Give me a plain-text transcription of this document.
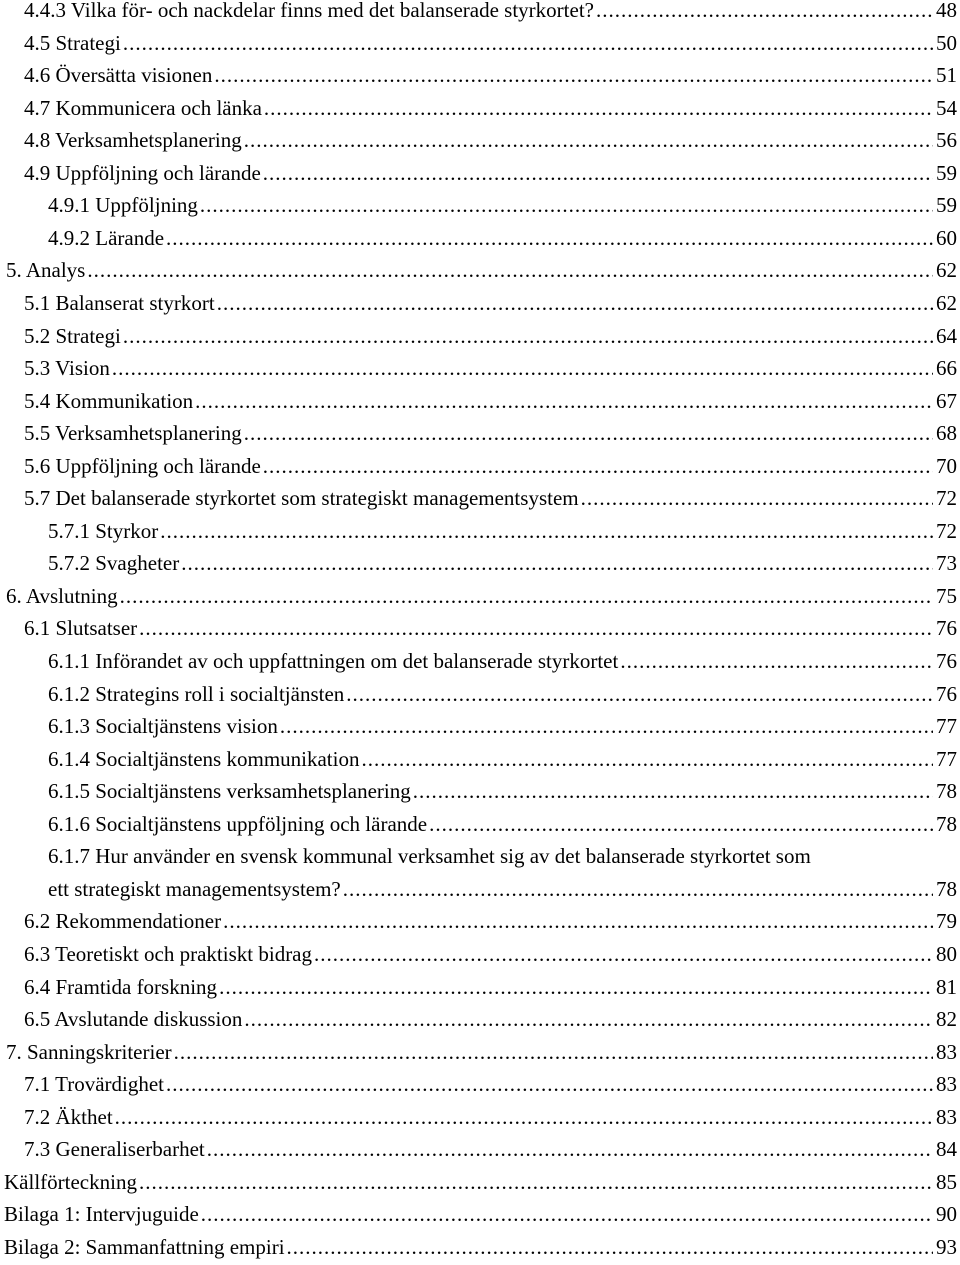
4.4.3 Vilka för- och nackdelar finns med det balanserade styrkortet? .....	48
4.5 Strategi .....	50
4.6 Översätta visionen .....	51
4.7 Kommunicera och länka .....	54
4.8 Verksamhetsplanering .....	56
4.9 Uppföljning och lärande .....	59
4.9.1 Uppföljning .....	59
4.9.2 Lärande .....	60
5. Analys .....	62
5.1 Balanserat styrkort .....	62
5.2 Strategi .....	64
5.3 Vision .....	66
5.4 Kommunikation .....	67
5.5 Verksamhetsplanering .....	68
5.6 Uppföljning och lärande .....	70
5.7 Det balanserade styrkortet som strategiskt managementsystem .....	72
5.7.1 Styrkor .....	72
5.7.2 Svagheter .....	73
6. Avslutning .....	75
6.1 Slutsatser .....	76
6.1.1 Införandet av och uppfattningen om det balanserade styrkortet .....	76
6.1.2 Strategins roll i socialtjänsten .....	76
6.1.3 Socialtjänstens vision .....	77
6.1.4 Socialtjänstens kommunikation .....	77
6.1.5 Socialtjänstens verksamhetsplanering .....	78
6.1.6 Socialtjänstens uppföljning och lärande .....	78
6.1.7 Hur använder en svensk kommunal verksamhet sig av det balanserade styrkortet som
ett strategiskt managementsystem? .....	78
6.2 Rekommendationer .....	79
6.3 Teoretiskt och praktiskt bidrag .....	80
6.4 Framtida forskning .....	81
6.5 Avslutande diskussion .....	82
7. Sanningskriterier .....	83
7.1 Trovärdighet .....	83
7.2 Äkthet .....	83
7.3 Generaliserbarhet .....	84
Källförteckning .....	85
Bilaga 1: Intervjuguide .....	90
Bilaga 2: Sammanfattning empiri .....	93
